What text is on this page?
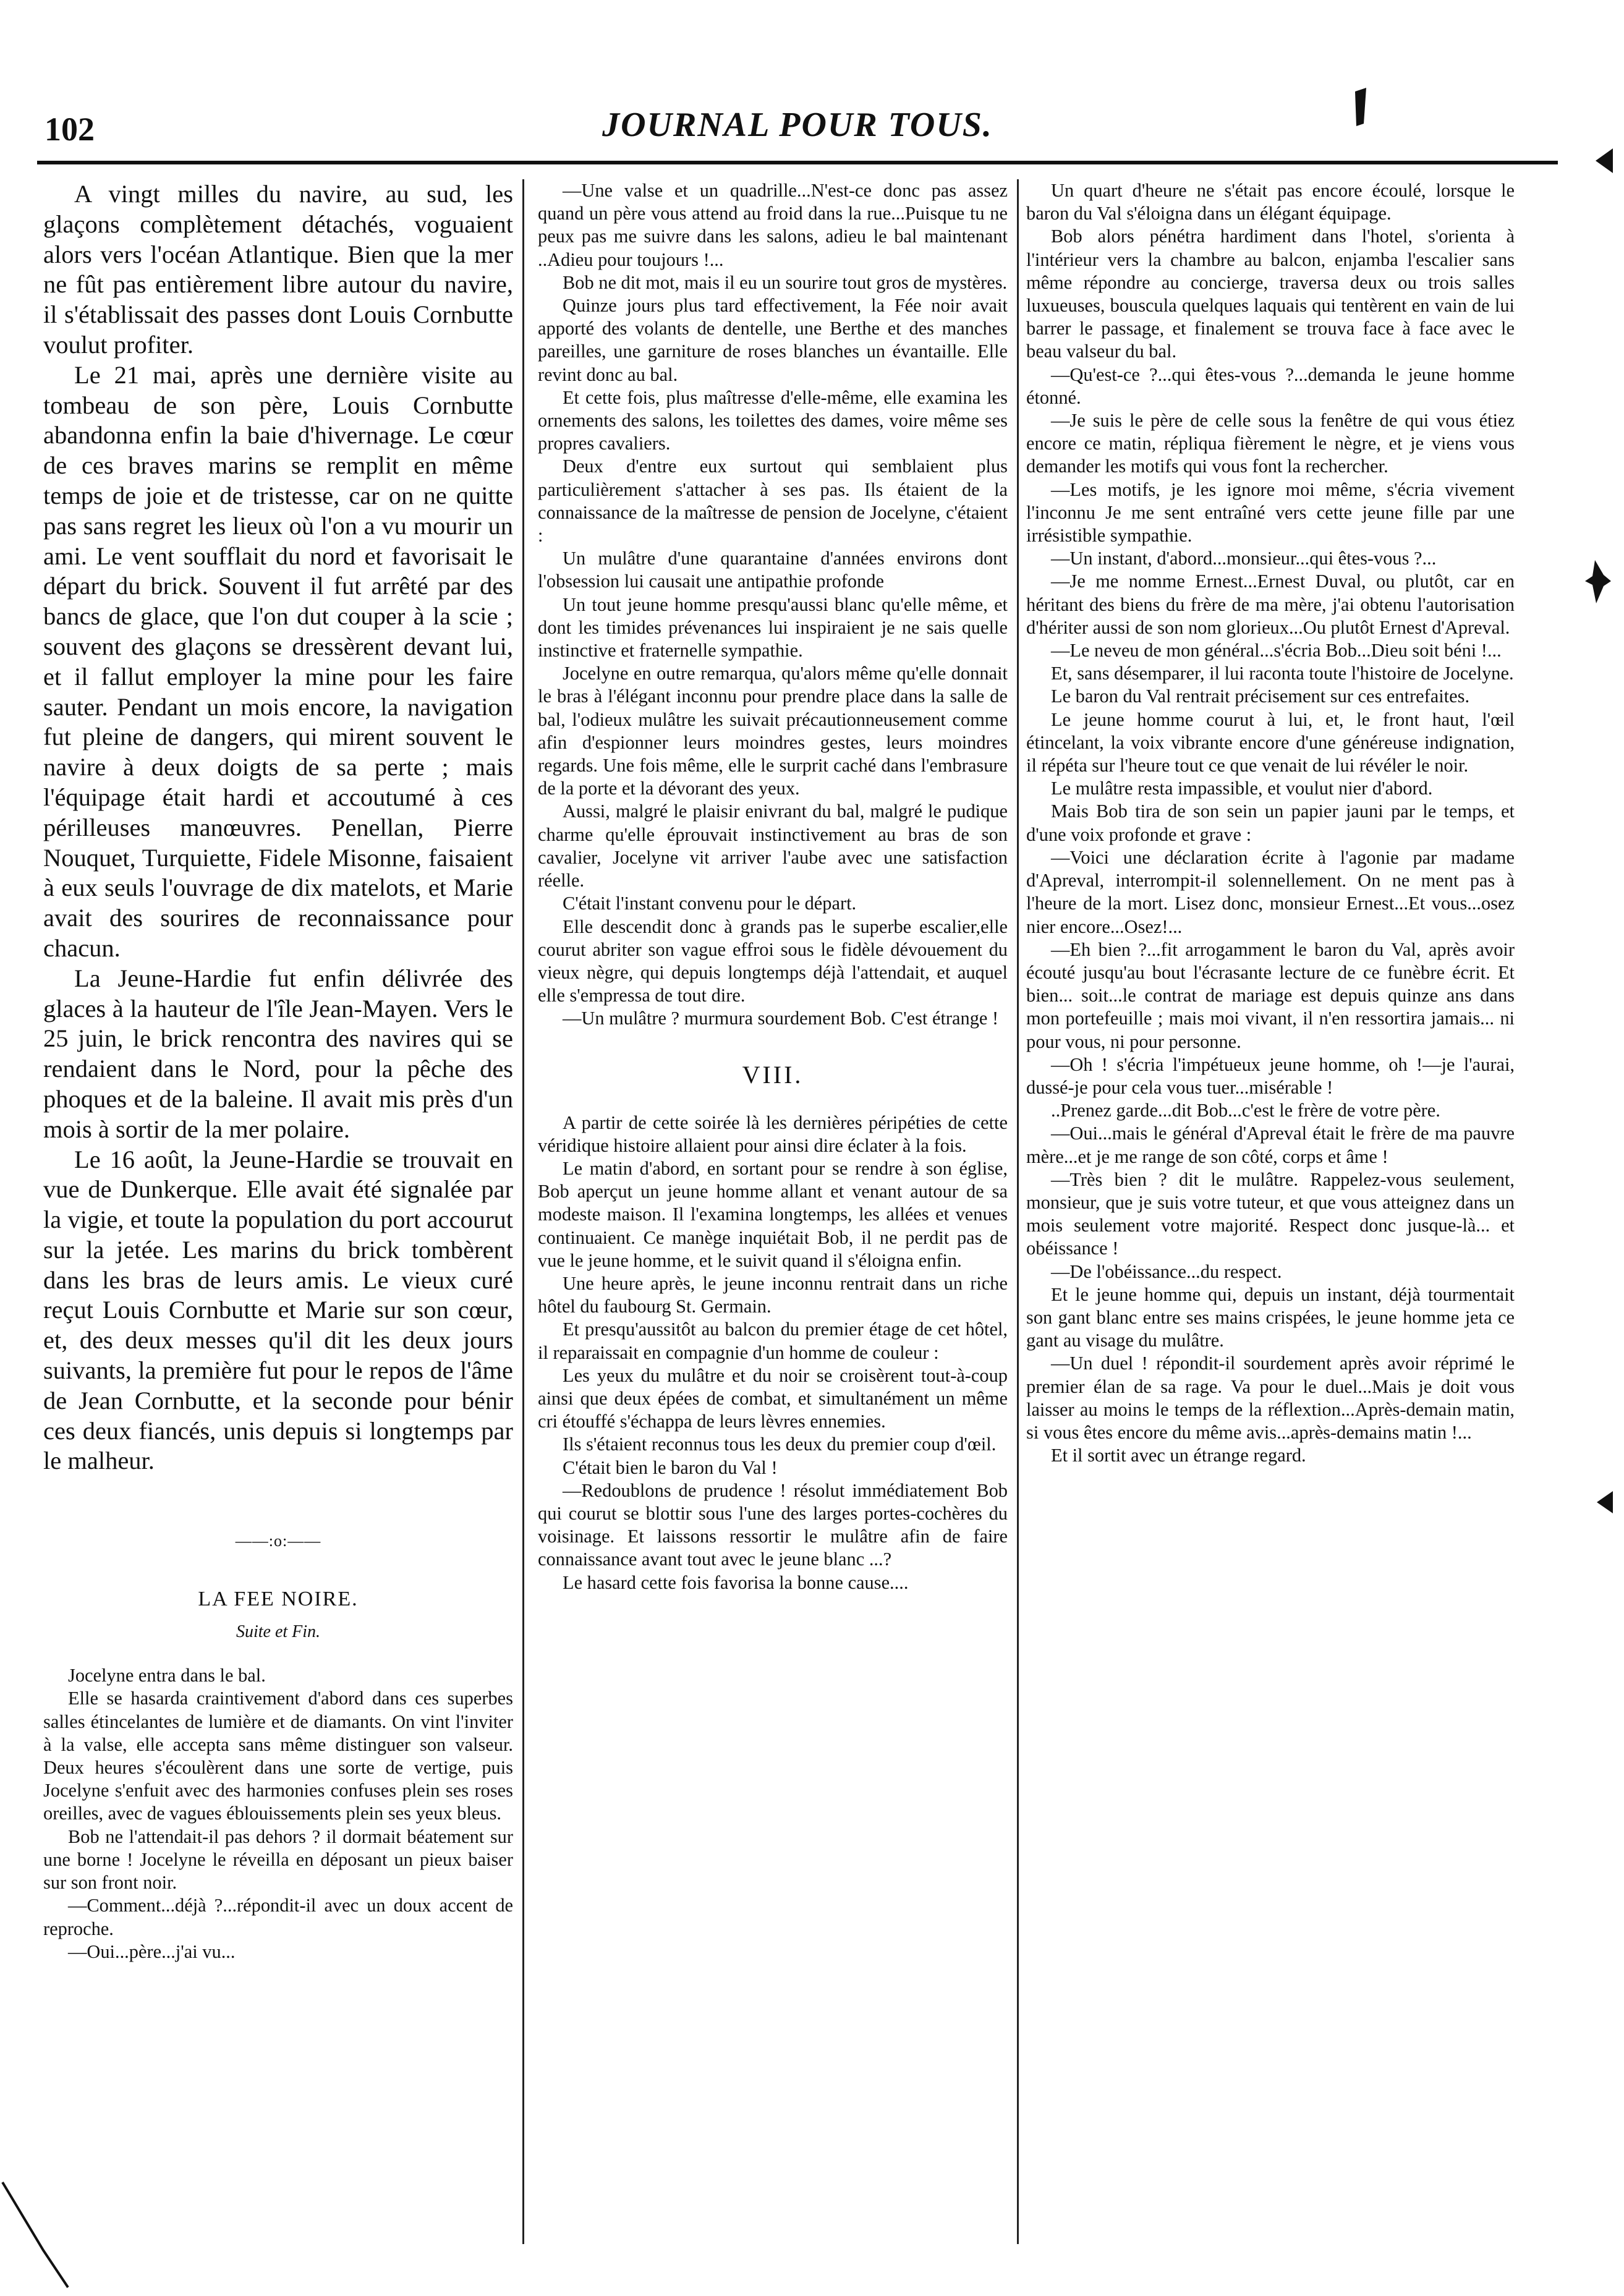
102	JOURNAL POUR TOUS.

A vingt milles du navire, au sud, les glaçons complètement détachés, voguaient alors vers l'océan Atlantique. Bien que la mer ne fût pas entièrement libre autour du navire, il s'établissait des passes dont Louis Cornbutte voulut profiter.

Le 21 mai, après une dernière visite au tombeau de son père, Louis Cornbutte abandonna enfin la baie d'hivernage. Le cœur de ces braves marins se remplit en même temps de joie et de tristesse, car on ne quitte pas sans regret les lieux où l'on a vu mourir un ami. Le vent soufflait du nord et favorisait le départ du brick. Souvent il fut arrêté par des bancs de glace, que l'on dut couper à la scie ; souvent des glaçons se dressèrent devant lui, et il fallut employer la mine pour les faire sauter. Pendant un mois encore, la navigation fut pleine de dangers, qui mirent souvent le navire à deux doigts de sa perte ; mais l'équipage était hardi et accoutumé à ces périlleuses manœuvres. Penellan, Pierre Nouquet, Turquiette, Fidele Misonne, faisaient à eux seuls l'ouvrage de dix matelots, et Marie avait des sourires de reconnaissance pour chacun.

La Jeune-Hardie fut enfin délivrée des glaces à la hauteur de l'île Jean-Mayen. Vers le 25 juin, le brick rencontra des navires qui se rendaient dans le Nord, pour la pêche des phoques et de la baleine. Il avait mis près d'un mois à sortir de la mer polaire.

Le 16 août, la Jeune-Hardie se trouvait en vue de Dunkerque. Elle avait été signalée par la vigie, et toute la population du port accourut sur la jetée. Les marins du brick tombèrent dans les bras de leurs amis. Le vieux curé reçut Louis Cornbutte et Marie sur son cœur, et, des deux messes qu'il dit les deux jours suivants, la première fut pour le repos de l'âme de Jean Cornbutte, et la seconde pour bénir ces deux fiancés, unis depuis si longtemps par le malheur.

——:o:——
LA FEE NOIRE.
Suite et Fin.

Jocelyne entra dans le bal.

Elle se hasarda craintivement d'abord dans ces superbes salles étincelantes de lumière et de diamants. On vint l'inviter à la valse, elle accepta sans même distinguer son valseur. Deux heures s'écoulèrent dans une sorte de vertige, puis Jocelyne s'enfuit avec des harmonies confuses plein ses roses oreilles, avec de vagues éblouissements plein ses yeux bleus.

Bob ne l'attendait-il pas dehors ? il dormait béatement sur une borne ! Jocelyne le réveilla en déposant un pieux baiser sur son front noir.

—Comment...déjà ?...répondit-il avec un doux accent de reproche.

—Oui...père...j'ai vu...

—Une valse et un quadrille...N'est-ce donc pas assez quand un père vous attend au froid dans la rue...Puisque tu ne peux pas me suivre dans les salons, adieu le bal maintenant ..Adieu pour toujours !...

Bob ne dit mot, mais il eu un sourire tout gros de mystères.

Quinze jours plus tard effectivement, la Fée noir avait apporté des volants de dentelle, une Berthe et des manches pareilles, une garniture de roses blanches un évantaille. Elle revint donc au bal.

Et cette fois, plus maîtresse d'elle-même, elle examina les ornements des salons, les toilettes des dames, voire même ses propres cavaliers.

Deux d'entre eux surtout qui semblaient plus particulièrement s'attacher à ses pas. Ils étaient de la connaissance de la maîtresse de pension de Jocelyne, c'étaient :

Un mulâtre d'une quarantaine d'années environs dont l'obsession lui causait une antipathie profonde

Un tout jeune homme presqu'aussi blanc qu'elle même, et dont les timides prévenances lui inspiraient je ne sais quelle instinctive et fraternelle sympathie.

Jocelyne en outre remarqua, qu'alors même qu'elle donnait le bras à l'élégant inconnu pour prendre place dans la salle de bal, l'odieux mulâtre les suivait précautionneusement comme afin d'espionner leurs moindres gestes, leurs moindres regards. Une fois même, elle le surprit caché dans l'embrasure de la porte et la dévorant des yeux.

Aussi, malgré le plaisir enivrant du bal, malgré le pudique charme qu'elle éprouvait instinctivement au bras de son cavalier, Jocelyne vit arriver l'aube avec une satisfaction réelle.

C'était l'instant convenu pour le départ.

Elle descendit donc à grands pas le superbe escalier,elle courut abriter son vague effroi sous le fidèle dévouement du vieux nègre, qui depuis longtemps déjà l'attendait, et auquel elle s'empressa de tout dire.

—Un mulâtre ? murmura sourdement Bob. C'est étrange !

VIII.

A partir de cette soirée là les dernières péripéties de cette véridique histoire allaient pour ainsi dire éclater à la fois.

Le matin d'abord, en sortant pour se rendre à son église, Bob aperçut un jeune homme allant et venant autour de sa modeste maison. Il l'examina longtemps, les allées et venues continuaient. Ce manège inquiétait Bob, il ne perdit pas de vue le jeune homme, et le suivit quand il s'éloigna enfin.

Une heure après, le jeune inconnu rentrait dans un riche hôtel du faubourg St. Germain.

Et presqu'aussitôt au balcon du premier étage de cet hôtel, il reparaissait en compagnie d'un homme de couleur :

Les yeux du mulâtre et du noir se croisèrent tout-à-coup ainsi que deux épées de combat, et simultanément un même cri étouffé s'échappa de leurs lèvres ennemies.

Ils s'étaient reconnus tous les deux du premier coup d'œil.

C'était bien le baron du Val !

—Redoublons de prudence ! résolut immédiatement Bob qui courut se blottir sous l'une des larges portes-cochères du voisinage. Et laissons ressortir le mulâtre afin de faire connaissance avant tout avec le jeune blanc ...?

Le hasard cette fois favorisa la bonne cause....

Un quart d'heure ne s'était pas encore écoulé, lorsque le baron du Val s'éloigna dans un élégant équipage.

Bob alors pénétra hardiment dans l'hotel, s'orienta à l'intérieur vers la chambre au balcon, enjamba l'escalier sans même répondre au concierge, traversa deux ou trois salles luxueuses, bouscula quelques laquais qui tentèrent en vain de lui barrer le passage, et finalement se trouva face à face avec le beau valseur du bal.

—Qu'est-ce ?...qui êtes-vous ?...demanda le jeune homme étonné.

—Je suis le père de celle sous la fenêtre de qui vous étiez encore ce matin, répliqua fièrement le nègre, et je viens vous demander les motifs qui vous font la rechercher.

—Les motifs, je les ignore moi même, s'écria vivement l'inconnu Je me sent entraîné vers cette jeune fille par une irrésistible sympathie.

—Un instant, d'abord...monsieur...qui êtes-vous ?...

—Je me nomme Ernest...Ernest Duval, ou plutôt, car en héritant des biens du frère de ma mère, j'ai obtenu l'autorisation d'hériter aussi de son nom glorieux...Ou plutôt Ernest d'Apreval.

—Le neveu de mon général...s'écria Bob...Dieu soit béni !...

Et, sans désemparer, il lui raconta toute l'histoire de Jocelyne.

Le baron du Val rentrait précisement sur ces entrefaites.

Le jeune homme courut à lui, et, le front haut, l'œil étincelant, la voix vibrante encore d'une généreuse indignation, il répéta sur l'heure tout ce que venait de lui révéler le noir.

Le mulâtre resta impassible, et voulut nier d'abord.

Mais Bob tira de son sein un papier jauni par le temps, et d'une voix profonde et grave :

—Voici une déclaration écrite à l'agonie par madame d'Apreval, interrompit-il solennellement. On ne ment pas à l'heure de la mort. Lisez donc, monsieur Ernest...Et vous...osez nier encore...Osez!...

—Eh bien ?...fit arrogamment le baron du Val, après avoir écouté jusqu'au bout l'écrasante lecture de ce funèbre écrit. Et bien... soit...le contrat de mariage est depuis quinze ans dans mon portefeuille ; mais moi vivant, il n'en ressortira jamais... ni pour vous, ni pour personne.

—Oh ! s'écria l'impétueux jeune homme, oh !—je l'aurai, dussé-je pour cela vous tuer...misérable !

..Prenez garde...dit Bob...c'est le frère de votre père.

—Oui...mais le général d'Apreval était le frère de ma pauvre mère...et je me range de son côté, corps et âme !

—Très bien ? dit le mulâtre. Rappelez-vous seulement, monsieur, que je suis votre tuteur, et que vous atteignez dans un mois seulement votre majorité. Respect donc jusque-là... et obéissance !

—De l'obéissance...du respect.

Et le jeune homme qui, depuis un instant, déjà tourmentait son gant blanc entre ses mains crispées, le jeune homme jeta ce gant au visage du mulâtre.

—Un duel ! répondit-il sourdement après avoir réprimé le premier élan de sa rage. Va pour le duel...Mais je doit vous laisser au moins le temps de la réflextion...Après-demain matin, si vous êtes encore du même avis...après-demains matin !...

Et il sortit avec un étrange regard.
